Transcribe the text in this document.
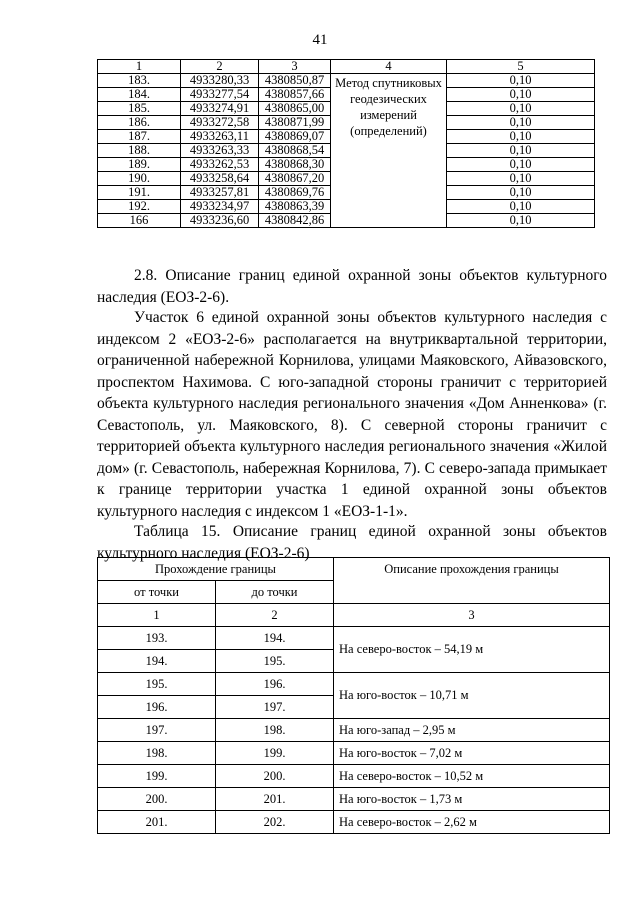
41
1	2	3	4	5
183.	4933280,33	4380850,87	Метод спутниковых геодезических измерений (определений)	0,10
184.	4933277,54	4380857,66		0,10
185.	4933274,91	4380865,00		0,10
186.	4933272,58	4380871,99		0,10
187.	4933263,11	4380869,07		0,10
188.	4933263,33	4380868,54		0,10
189.	4933262,53	4380868,30		0,10
190.	4933258,64	4380867,20		0,10
191.	4933257,81	4380869,76		0,10
192.	4933234,97	4380863,39		0,10
166	4933236,60	4380842,86		0,10
2.8. Описание границ единой охранной зоны объектов культурного наследия (ЕОЗ-2-6).
Участок 6 единой охранной зоны объектов культурного наследия с индексом 2 «ЕОЗ-2-6» располагается на внутриквартальной территории, ограниченной набережной Корнилова, улицами Маяковского, Айвазовского, проспектом Нахимова. С юго-западной стороны граничит с территорией объекта культурного наследия регионального значения «Дом Анненкова» (г. Севастополь, ул. Маяковского, 8). С северной стороны граничит с территорией объекта культурного наследия регионального значения «Жилой дом» (г. Севастополь, набережная Корнилова, 7). С северо-запада примыкает к границе территории участка 1 единой охранной зоны объектов культурного наследия с индексом 1 «ЕОЗ-1-1».
Таблица 15. Описание границ единой охранной зоны объектов культурного наследия (ЕОЗ-2-6)
Прохождение границы		Описание прохождения границы
от точки	до точки	
1	2	3
193.	194.	На северо-восток – 54,19 м
194.	195.	
195.	196.	На юго-восток – 10,71 м
196.	197.	
197.	198.	На юго-запад – 2,95 м
198.	199.	На юго-восток – 7,02 м
199.	200.	На северо-восток – 10,52 м
200.	201.	На юго-восток – 1,73 м
201.	202.	На северо-восток – 2,62 м
